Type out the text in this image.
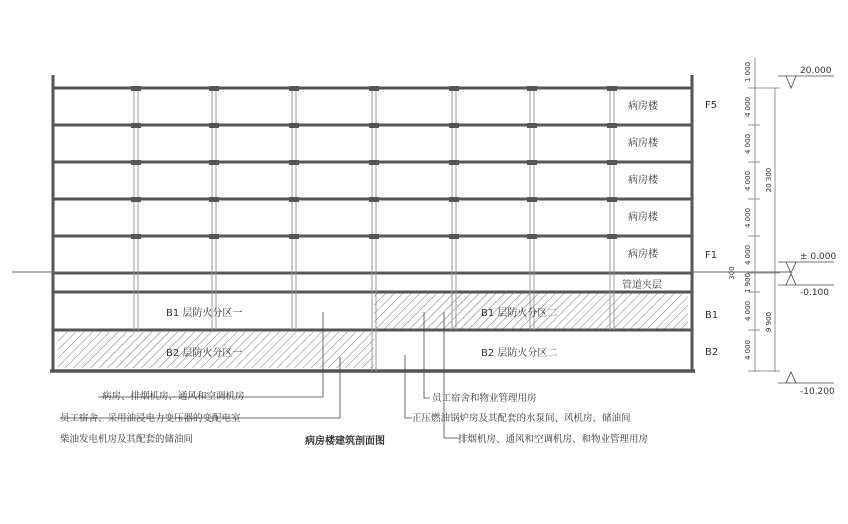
病房楼
病房楼
病房楼
病房楼
病房楼
管道夹层
F5
F1
B1
B2
B1 层防火分区一	B1 层防火分区二
B2 层防火分区一	B2 层防火分区二
1 000
4 000
4 000
4 000
4 000
4 000
20 300
300 1 900
4 000
4 000
9 900
20.000
± 0.000
-0.100
-10.200
病房、排烟机房、通风和空调机房
员工宿舍、采用油浸电力变压器的变配电室
柴油发电机房及其配套的储油间
员工宿舍和物业管理用房
正压燃油锅炉房及其配套的水泵间、风机房、储油间
排烟机房、通风和空调机房、和物业管理用房
病房楼建筑剖面图
